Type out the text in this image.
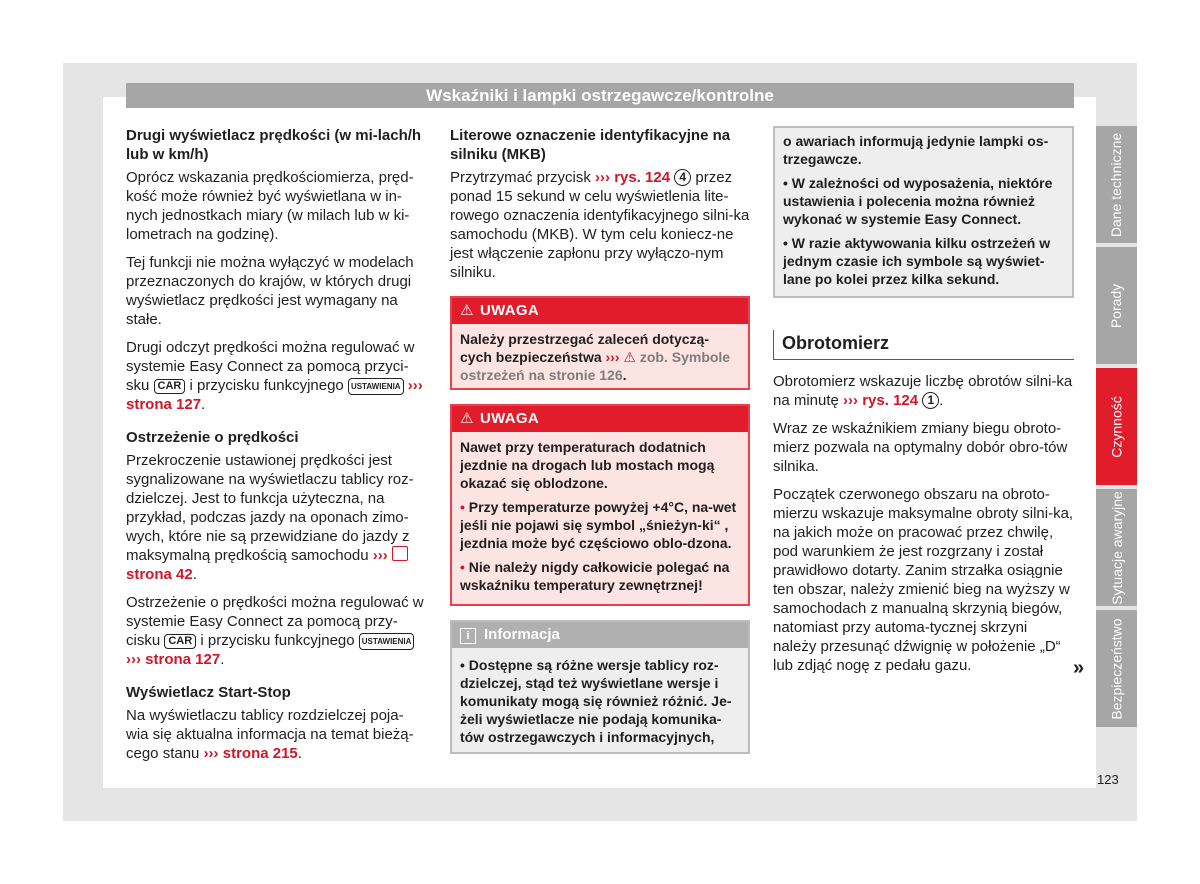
Wskaźniki i lampki ostrzegawcze/kontrolne
Drugi wyświetlacz prędkości (w mi-lach/h lub w km/h)

Oprócz wskazania prędkościomierza, pręd-kość może również być wyświetlana w in-nych jednostkach miary (w milach lub w ki-lometrach na godzinę).

Tej funkcji nie można wyłączyć w modelach przeznaczonych do krajów, w których drugi wyświetlacz prędkości jest wymagany na stałe.

Drugi odczyt prędkości można regulować w systemie Easy Connect za pomocą przyci-sku CAR i przycisku funkcyjnego USTAWIENIA ››› strona 127.

Ostrzeżenie o prędkości

Przekroczenie ustawionej prędkości jest sygnalizowane na wyświetlaczu tablicy roz-dzielczej. Jest to funkcja użyteczna, na przykład, podczas jazdy na oponach zimo-wych, które nie są przewidziane do jazdy z maksymalną prędkością samochodu ›››  strona 42.

Ostrzeżenie o prędkości można regulować w systemie Easy Connect za pomocą przy-cisku CAR i przycisku funkcyjnego USTAWIENIA ››› strona 127.

Wyświetlacz Start-Stop

Na wyświetlaczu tablicy rozdzielczej poja-wia się aktualna informacja na temat bieżą-cego stanu ››› strona 215.

Literowe oznaczenie identyfikacyjne na silniku (MKB)

Przytrzymać przycisk ››› rys. 124 4 przez ponad 15 sekund w celu wyświetlenia lite-rowego oznaczenia identyfikacyjnego silni-ka samochodu (MKB). W tym celu koniecz-ne jest włączenie zapłonu przy wyłączo-nym silniku.

⚠ UWAGA
Należy przestrzegać zaleceń dotyczą-cych bezpieczeństwa ››› ⚠ zob. Symbole ostrzeżeń na stronie 126.
⚠ UWAGA

Nawet przy temperaturach dodatnich jezdnie na drogach lub mostach mogą okazać się oblodzone.

• Przy temperaturze powyżej +4°C, na-wet jeśli nie pojawi się symbol „śnieżyn-ki“ , jezdnia może być częściowo oblo-dzona.

• Nie należy nigdy całkowicie polegać na wskaźniku temperatury zewnętrznej!

i Informacja
• Dostępne są różne wersje tablicy roz-dzielczej, stąd też wyświetlane wersje i komunikaty mogą się również różnić. Je-żeli wyświetlacze nie podają komunika-tów ostrzegawczych i informacyjnych,

o awariach informują jedynie lampki os-trzegawcze.

• W zależności od wyposażenia, niektóre ustawienia i polecenia można również wykonać w systemie Easy Connect.

• W razie aktywowania kilku ostrzeżeń w jednym czasie ich symbole są wyświet-lane po kolei przez kilka sekund.

Obrotomierz

Obrotomierz wskazuje liczbę obrotów silni-ka na minutę ››› rys. 124 1 .

Wraz ze wskaźnikiem zmiany biegu obroto-mierz pozwala na optymalny dobór obro-tów silnika.

Początek czerwonego obszaru na obroto-mierzu wskazuje maksymalne obroty silni-ka, na jakich może on pracować przez chwilę, pod warunkiem że jest rozgrzany i został prawidłowo dotarty. Zanim strzałka osiągnie ten obszar, należy zmienić bieg na wyższy w samochodach z manualną skrzynią biegów, natomiast przy automa-tycznej skrzyni należy przesunąć dźwignię w położenie „D“ lub zdjąć nogę z pedału gazu.	»
Dane techniczne
Porady
Czynność
Sytuacje awaryjne
Bezpieczeństwo
123
